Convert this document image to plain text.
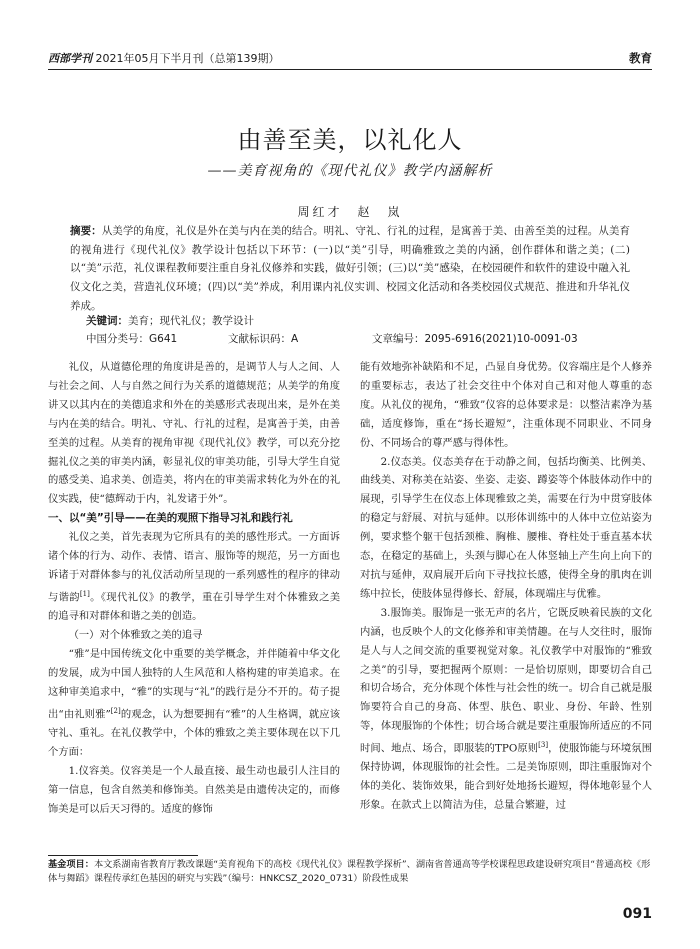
西部学刊 2021年05月下半月刊（总第139期）	教育
由善至美，以礼化人
——美育视角的《现代礼仪》教学内涵解析
周红才　赵　岚
摘要：从美学的角度，礼仪是外在美与内在美的结合。明礼、守礼、行礼的过程，是寓善于美、由善至美的过程。从美育的视角进行《现代礼仪》教学设计包括以下环节：(一)以“美”引导，明确雅致之美的内涵，创作群体和谐之美；(二)以“美”示范，礼仪课程教师要注重自身礼仪修养和实践，做好引领；(三)以“美”感染，在校园硬件和软件的建设中融入礼仪文化之美，营造礼仪环境；(四)以“美”养成，利用课内礼仪实训、校园文化活动和各类校园仪式规范、推进和升华礼仪养成。
关键词：美育；现代礼仪；教学设计
中国分类号：G641	文献标识码：A	文章编号：2095-6916(2021)10-0091-03

礼仪，从道德伦理的角度讲是善的，是调节人与人之间、人与社会之间、人与自然之间行为关系的道德规范；从美学的角度讲又以其内在的美德追求和外在的美感形式表现出来，是外在美与内在美的结合。明礼、守礼、行礼的过程，是寓善于美，由善至美的过程。从美育的视角审视《现代礼仪》教学，可以充分挖掘礼仪之美的审美内涵，彰显礼仪的审美功能，引导大学生自觉的感受美、追求美、创造美，将内在的审美需求转化为外在的礼仪实践，使“德辉动于内，礼发诸于外”。

一、以“美”引导——在美的观照下指导习礼和践行礼

礼仪之美，首先表现为它所具有的美的感性形式。一方面诉诸个体的行为、动作、表情、语言、服饰等的规范，另一方面也诉诸于对群体参与的礼仪活动所呈现的一系列感性的程序的律动与谐韵[1]。《现代礼仪》的教学，重在引导学生对个体雅致之美的追寻和对群体和谐之美的创造。

（一）对个体雅致之美的追寻

“雅”是中国传统文化中重要的美学概念，并伴随着中华文化的发展，成为中国人独特的人生风范和人格构建的审美追求。在这种审美追求中，“雅”的实现与“礼”的践行是分不开的。荀子提出“由礼则雅”[2]的观念，认为想要拥有“雅”的人生格调，就应该守礼、重礼。在礼仪教学中，个体的雅致之美主要体现在以下几个方面：

1.仪容美。仪容美是一个人最直接、最生动也最引人注目的第一信息，包含自然美和修饰美。自然美是由遗传决定的，而修饰美是可以后天习得的。适度的修饰

能有效地弥补缺陷和不足，凸显自身优势。仪容端庄是个人修养的重要标志，表达了社会交往中个体对自己和对他人尊重的态度。从礼仪的视角，“雅致”仪容的总体要求是：以整洁素净为基础，适度修饰，重在“扬长避短”，注重体现不同职业、不同身份、不同场合的尊严感与得体性。

2.仪态美。仪态美存在于动静之间，包括均衡美、比例美、曲线美、对称美在站姿、坐姿、走姿、蹲姿等个体肢体动作中的展现，引导学生在仪态上体现雅致之美，需要在行为中贯穿肢体的稳定与舒展、对抗与延伸。以形体训练中的人体中立位站姿为例，要求整个躯干包括颈椎、胸椎、腰椎、脊柱处于垂直基本状态，在稳定的基础上，头颈与脚心在人体竖轴上产生向上向下的对抗与延伸，双肩展开后向下寻找拉长感，使得全身的肌肉在训练中拉长，使肢体显得修长、舒展，体现端庄与优雅。

3.服饰美。服饰是一张无声的名片，它既反映着民族的文化内涵，也反映个人的文化修养和审美情趣。在与人交往时，服饰是人与人之间交流的重要视觉对象。礼仪教学中对服饰的“雅致之美”的引导，要把握两个原则：一是恰切原则，即要切合自己和切合场合，充分体现个体性与社会性的统一。切合自己就是服饰要符合自己的身高、体型、肤色、职业、身份、年龄、性别等，体现服饰的个体性；切合场合就是要注重服饰所适应的不同时间、地点、场合，即服装的TPO原则[3]，使服饰能与环境氛围保持协调，体现服饰的社会性。二是美饰原则，即注重服饰对个体的美化、装饰效果，能合到好处地扬长避短，得体地彰显个人形象。在款式上以简洁为佳，总量合繁避，过

基金项目：本文系湖南省教育厅教改课题“美育视角下的高校《现代礼仪》课程教学探析”、湖南省普通高等学校课程思政建设研究项目“普通高校《形体与舞蹈》课程传承红色基因的研究与实践”（编号：HNKCSZ_2020_0731）阶段性成果
091
